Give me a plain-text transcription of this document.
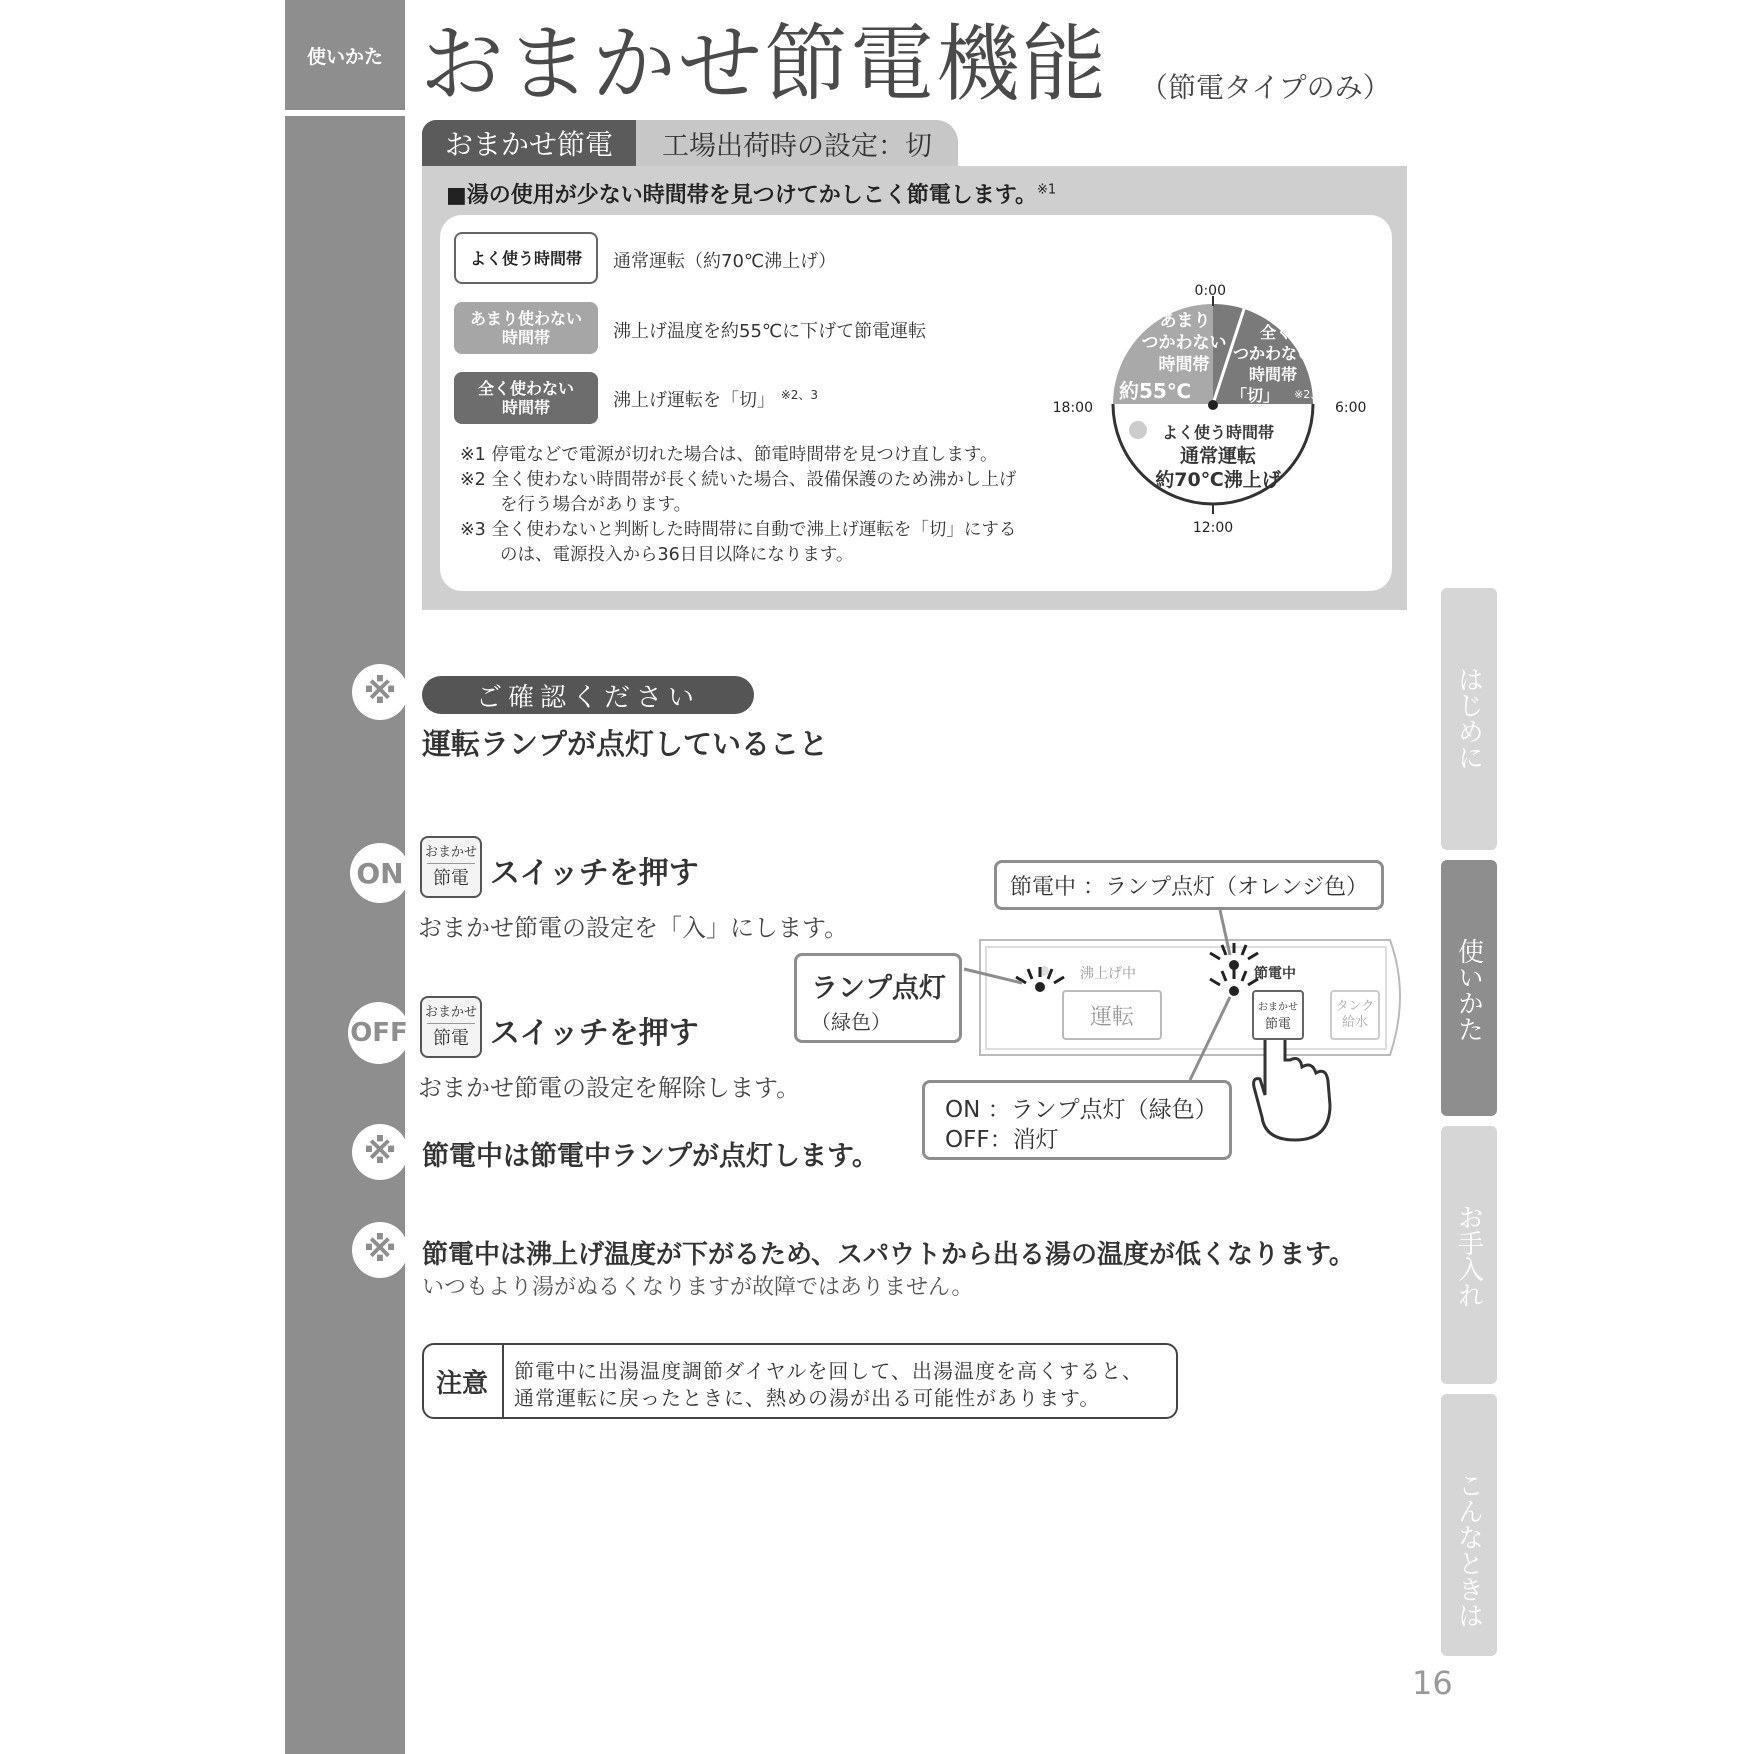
使いかた おまかせ節電機能 （節電タイプのみ）
おまかせ節電	工場出荷時の設定：切
■湯の使用が少ない時間帯を見つけてかしこく節電します。$^{※1}$
よく使う時間帯 通常運転（約70℃沸上げ）
あまり使わない
時間帯	沸上げ温度を約55℃に下げて節電運転
全く使わない
時間帯	沸上げ運転を「切」 $^{※2、3}$
※1 停電などで電源が切れた場合は、節電時間帯を見つけ直します。
※2 全く使わない時間帯が長く続いた場合、設備保護のため沸かし上げ
を行う場合があります。
※3 全く使わないと判断した時間帯に自動で沸上げ運転を「切」にする
のは、電源投入から36日目以降になります。
0:00
6:00
12:00
18:00
あまり
つかわない
時間帯
約55℃
全く
つかわない
時間帯
「切」 ※2、3
よく使う時間帯
通常運転
約70℃沸上げ
※	ご確認ください
運転ランプが点灯していること
ON
おまかせ
節電 スイッチを押す
おまかせ節電の設定を「入」にします。
OFF
おまかせ
節電 スイッチを押す
おまかせ節電の設定を解除します。
節電中 ：ランプ点灯（オレンジ色）
ランプ点灯
（緑色）
ON ：ランプ点灯（緑色）
OFF：消灯
沸上げ中	節電中
運転	おまかせ
節電
タンク
給水
※ 節電中は節電中ランプが点灯します。
※ 節電中は沸上げ温度が下がるため、スパウトから出る湯の温度が低くなります。
いつもより湯がぬるくなりますが故障ではありません。
注意	節電中に出湯温度調節ダイヤルを回して、出湯温度を高くすると、
通常運転に戻ったときに、熱めの湯が出る可能性があります。
はじめに
使いかた
お手入れ
こんなときは
16
